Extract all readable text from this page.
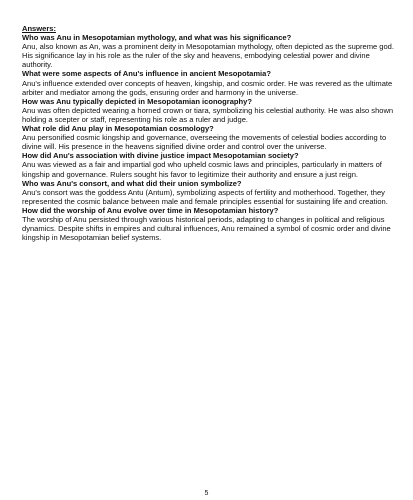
Answers:
Who was Anu in Mesopotamian mythology, and what was his significance?
Anu, also known as An, was a prominent deity in Mesopotamian mythology, often depicted as the supreme god. His significance lay in his role as the ruler of the sky and heavens, embodying celestial power and divine authority.
What were some aspects of Anu's influence in ancient Mesopotamia?
Anu's influence extended over concepts of heaven, kingship, and cosmic order. He was revered as the ultimate arbiter and mediator among the gods, ensuring order and harmony in the universe.
How was Anu typically depicted in Mesopotamian iconography?
Anu was often depicted wearing a horned crown or tiara, symbolizing his celestial authority. He was also shown holding a scepter or staff, representing his role as a ruler and judge.
What role did Anu play in Mesopotamian cosmology?
Anu personified cosmic kingship and governance, overseeing the movements of celestial bodies according to divine will. His presence in the heavens signified divine order and control over the universe.
How did Anu's association with divine justice impact Mesopotamian society?
Anu was viewed as a fair and impartial god who upheld cosmic laws and principles, particularly in matters of kingship and governance. Rulers sought his favor to legitimize their authority and ensure a just reign.
Who was Anu's consort, and what did their union symbolize?
Anu's consort was the goddess Antu (Antum), symbolizing aspects of fertility and motherhood. Together, they represented the cosmic balance between male and female principles essential for sustaining life and creation.
How did the worship of Anu evolve over time in Mesopotamian history?
The worship of Anu persisted through various historical periods, adapting to changes in political and religious dynamics. Despite shifts in empires and cultural influences, Anu remained a symbol of cosmic order and divine kingship in Mesopotamian belief systems.
5
